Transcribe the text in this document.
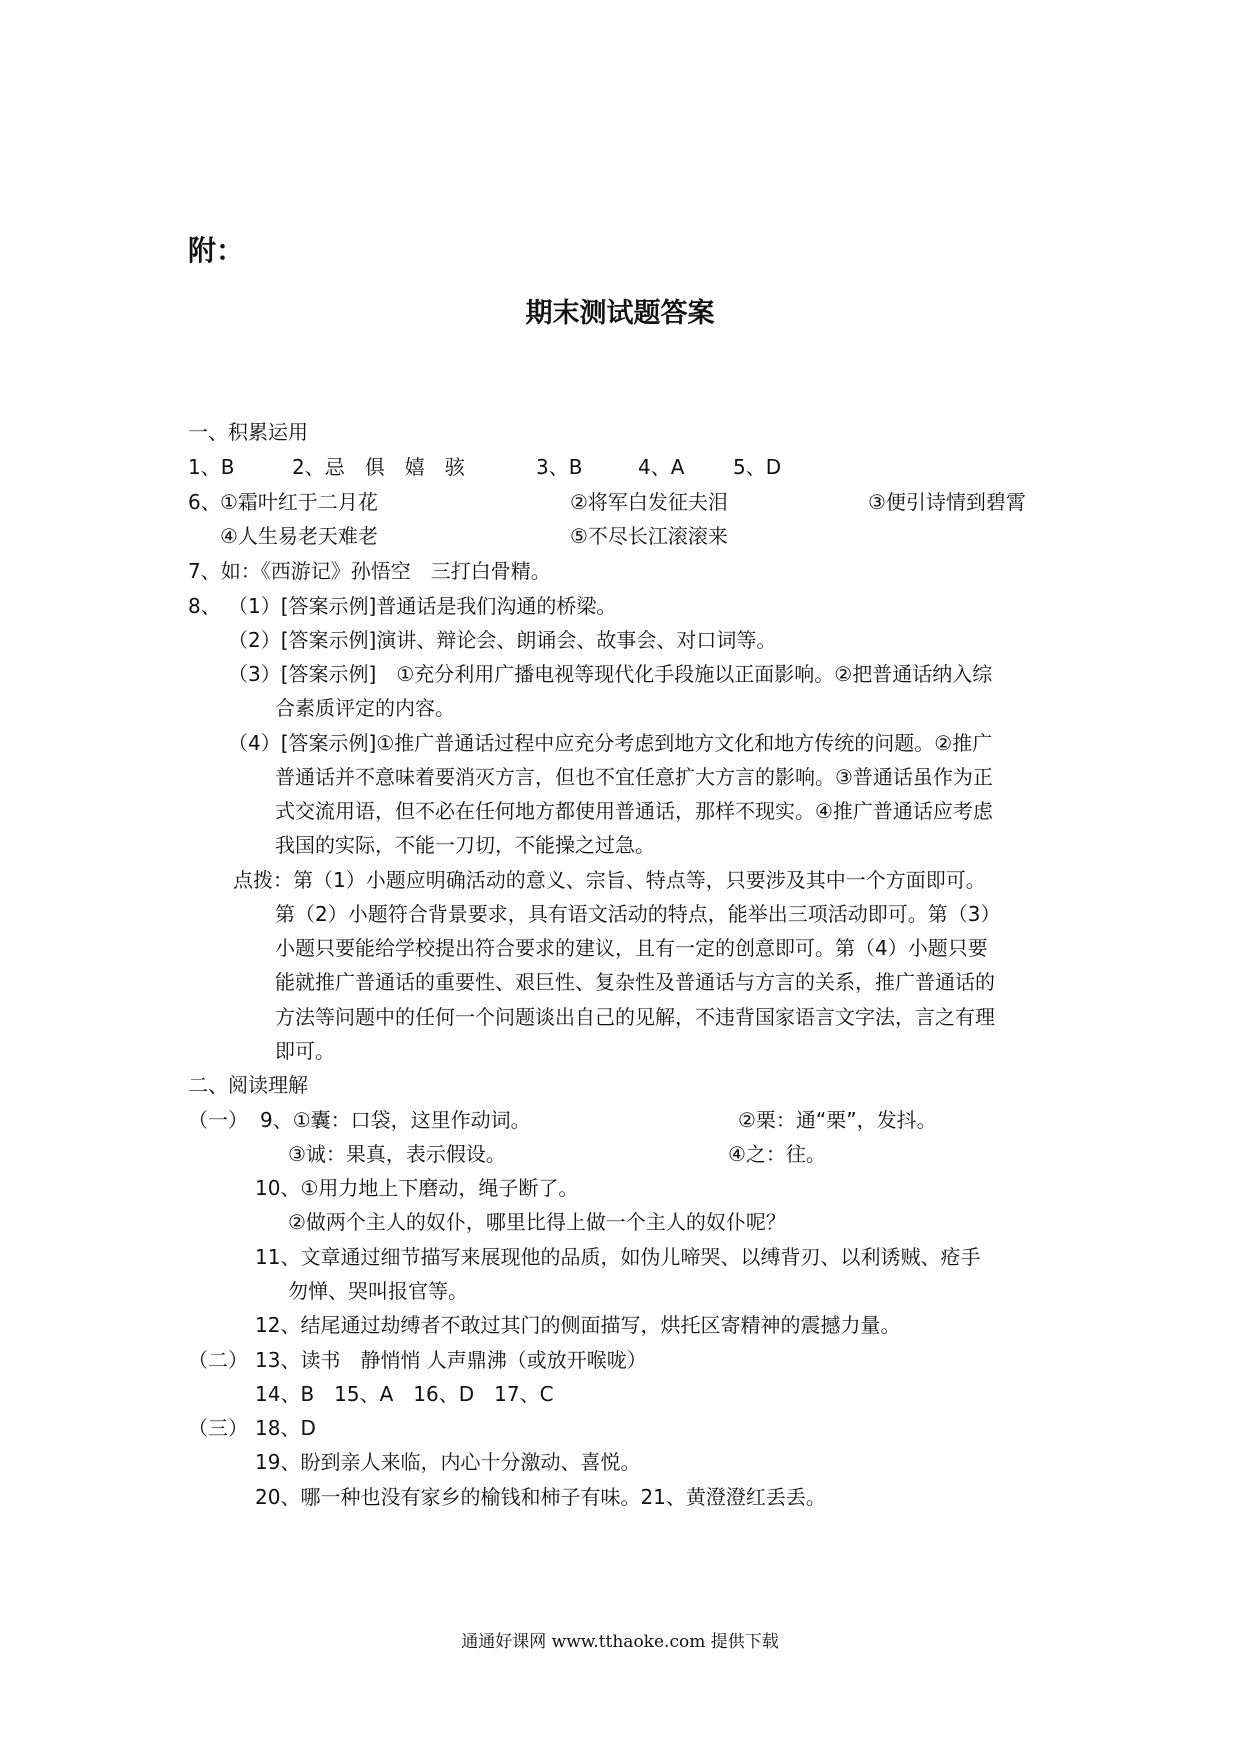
附：
期末测试题答案
一、积累运用
1、B	2、忌　俱　嬉　骇	3、B	4、A 5、D
6、 ①霜叶红于二月花	②将军白发征夫泪	③便引诗情到碧霄
④人生易老天难老	⑤不尽长江滚滚来
7、如：《西游记》孙悟空　三打白骨精。
8、 （1）[答案示例]普通话是我们沟通的桥梁。
（2）[答案示例]演讲、辩论会、朗诵会、故事会、对口词等。
（3）[答案示例]　①充分利用广播电视等现代化手段施以正面影响。②把普通话纳入综
合素质评定的内容。
（4）[答案示例]①推广普通话过程中应充分考虑到地方文化和地方传统的问题。②推广
普通话并不意味着要消灭方言，但也不宜任意扩大方言的影响。③普通话虽作为正
式交流用语，但不必在任何地方都使用普通话，那样不现实。④推广普通话应考虑
我国的实际，不能一刀切，不能操之过急。
点拨：第（1）小题应明确活动的意义、宗旨、特点等，只要涉及其中一个方面即可。
第（2）小题符合背景要求，具有语文活动的特点，能举出三项活动即可。第（3）
小题只要能给学校提出符合要求的建议，且有一定的创意即可。第（4）小题只要
能就推广普通话的重要性、艰巨性、复杂性及普通话与方言的关系，推广普通话的
方法等问题中的任何一个问题谈出自己的见解，不违背国家语言文字法，言之有理
即可。
二、阅读理解
（一） 9、①囊：口袋，这里作动词。	②栗：通“栗”，发抖。
③诚：果真，表示假设。	④之：往。
10、①用力地上下磨动，绳子断了。
②做两个主人的奴仆，哪里比得上做一个主人的奴仆呢？
11、文章通过细节描写来展现他的品质，如伪儿啼哭、以缚背刃、以利诱贼、疮手
勿惮、哭叫报官等。
12、结尾通过劫缚者不敢过其门的侧面描写，烘托区寄精神的震撼力量。
（二） 13、读书　静悄悄 人声鼎沸（或放开喉咙）
14、B　15、A　16、D　17、C
（三） 18、D
19、盼到亲人来临，内心十分激动、喜悦。
20、哪一种也没有家乡的榆钱和柿子有味。21、黄澄澄红丢丢。
通通好课网 www.tthaoke.com 提供下载
